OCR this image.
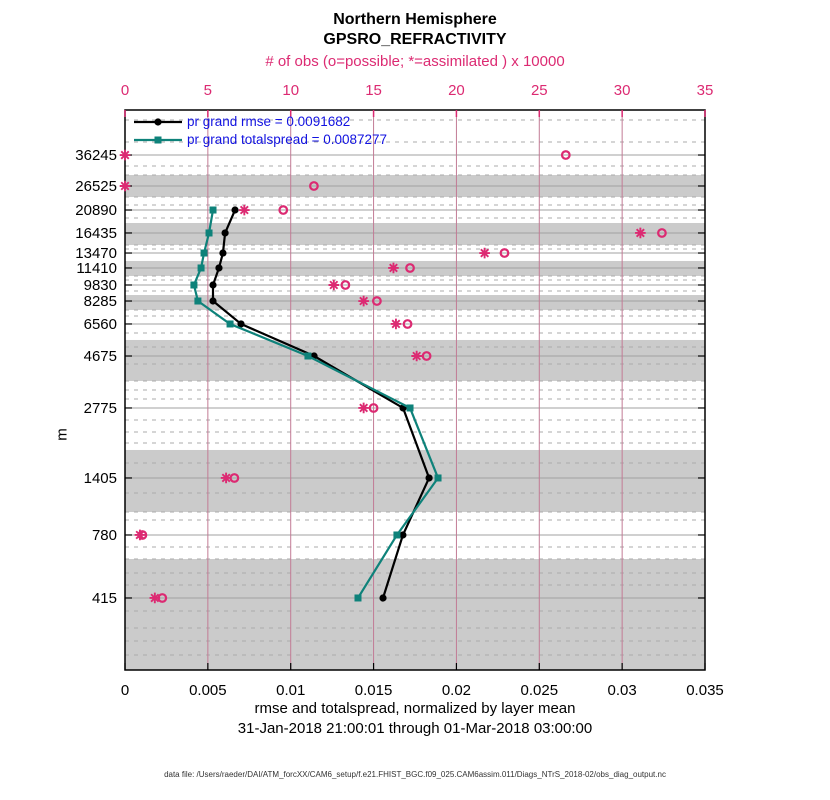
0	5	10	15	20	25	30	35
0	0.005	0.01	0.015	0.02	0.025	0.03	0.035
36245
26525
20890
16435
13470
11410
9830
8285
6560
4675
2775
1405
780
415
Northern Hemisphere
GPSRO_REFRACTIVITY
# of obs (o=possible; *=assimilated ) x 10000
pr grand rmse = 0.0091682
pr grand totalspread = 0.0087277
m
rmse and totalspread, normalized by layer mean
31-Jan-2018 21:00:01 through 01-Mar-2018 03:00:00
data file: /Users/raeder/DAI/ATM_forcXX/CAM6_setup/f.e21.FHIST_BGC.f09_025.CAM6assim.011/Diags_NTrS_2018-02/obs_diag_output.nc
